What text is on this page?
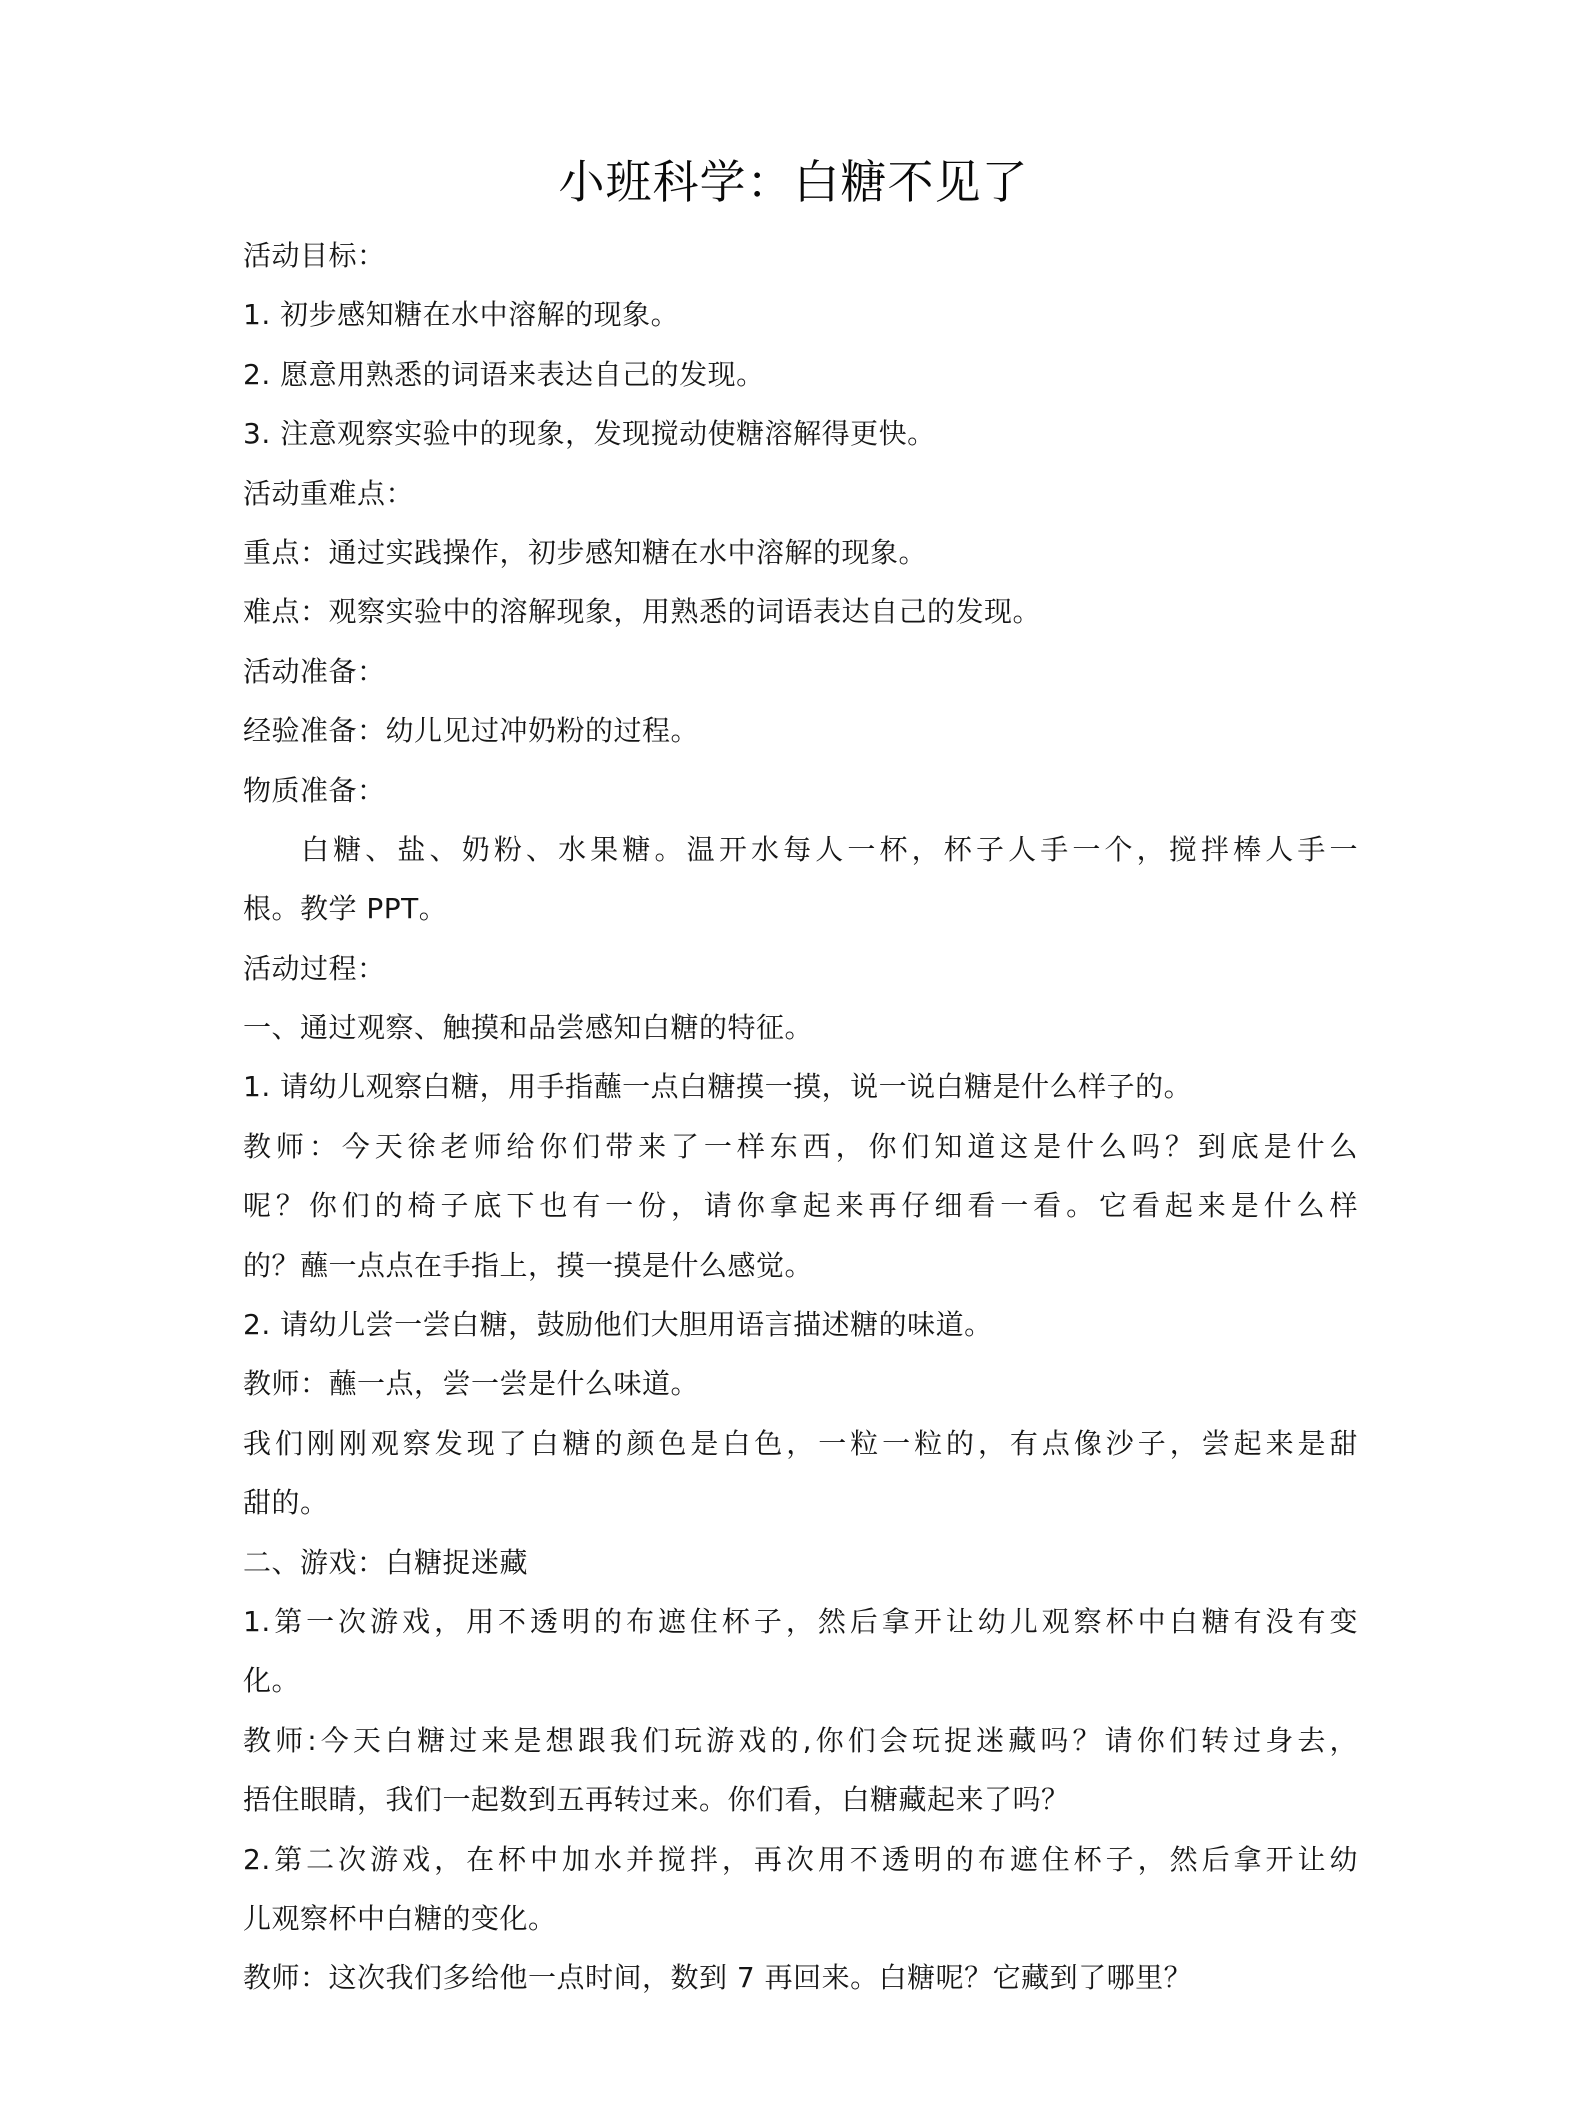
小班科学：白糖不见了

活动目标：

1. 初步感知糖在水中溶解的现象。

2. 愿意用熟悉的词语来表达自己的发现。

3. 注意观察实验中的现象，发现搅动使糖溶解得更快。

活动重难点：

重点：通过实践操作，初步感知糖在水中溶解的现象。

难点：观察实验中的溶解现象，用熟悉的词语表达自己的发现。

活动准备：

经验准备：幼儿见过冲奶粉的过程。

物质准备：

白糖、盐、奶粉、水果糖。温开水每人一杯，杯子人手一个，搅拌棒人手一

根。教学 PPT。

活动过程：

一、通过观察、触摸和品尝感知白糖的特征。

1. 请幼儿观察白糖，用手指蘸一点白糖摸一摸，说一说白糖是什么样子的。

教师：今天徐老师给你们带来了一样东西，你们知道这是什么吗？到底是什么

呢？你们的椅子底下也有一份，请你拿起来再仔细看一看。它看起来是什么样

的？蘸一点点在手指上，摸一摸是什么感觉。

2. 请幼儿尝一尝白糖，鼓励他们大胆用语言描述糖的味道。

教师：蘸一点，尝一尝是什么味道。

我们刚刚观察发现了白糖的颜色是白色，一粒一粒的，有点像沙子，尝起来是甜

甜的。

二、游戏：白糖捉迷藏

1.第一次游戏，用不透明的布遮住杯子，然后拿开让幼儿观察杯中白糖有没有变

化。

教师:今天白糖过来是想跟我们玩游戏的,你们会玩捉迷藏吗？请你们转过身去，

捂住眼睛，我们一起数到五再转过来。你们看，白糖藏起来了吗？

2.第二次游戏，在杯中加水并搅拌，再次用不透明的布遮住杯子，然后拿开让幼

儿观察杯中白糖的变化。

教师：这次我们多给他一点时间，数到 7 再回来。白糖呢？它藏到了哪里？
